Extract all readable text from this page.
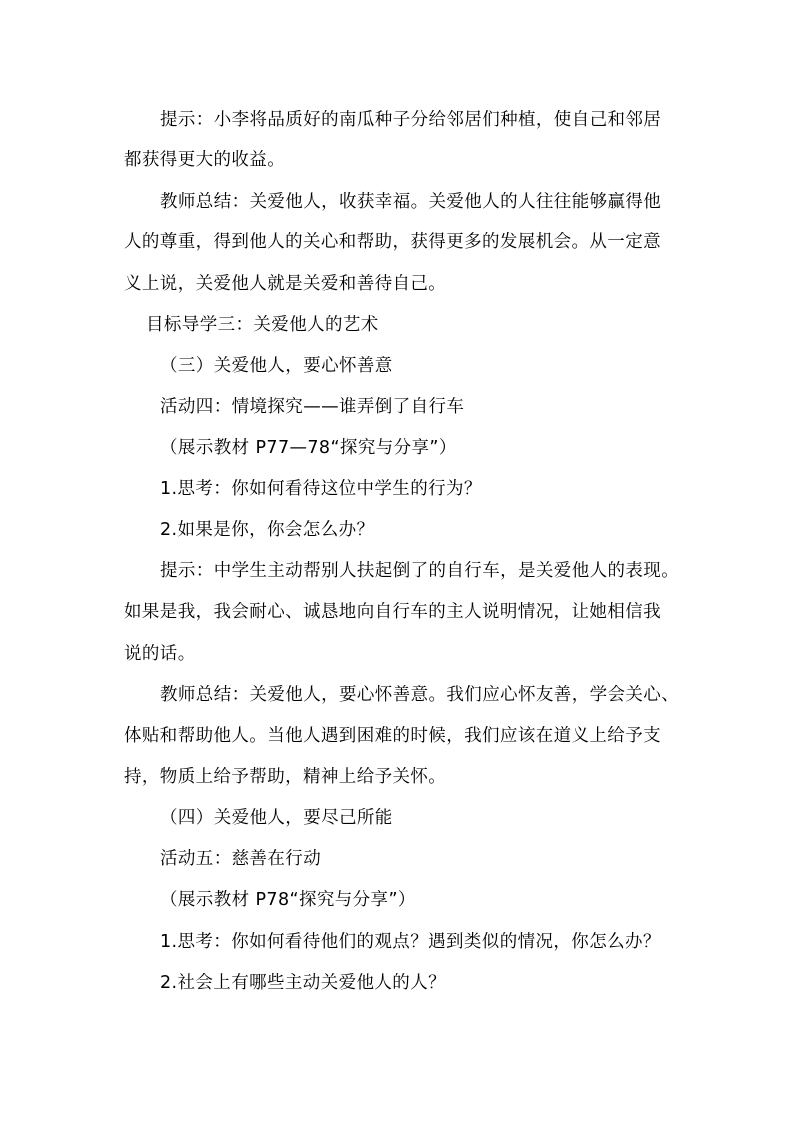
提示：小李将品质好的南瓜种子分给邻居们种植，使自己和邻居
都获得更大的收益。
教师总结：关爱他人，收获幸福。关爱他人的人往往能够赢得他
人的尊重，得到他人的关心和帮助，获得更多的发展机会。从一定意
义上说，关爱他人就是关爱和善待自己。
目标导学三：关爱他人的艺术
（三）关爱他人，要心怀善意
活动四：情境探究——谁弄倒了自行车
（展示教材 P77—78“探究与分享”）
1.思考：你如何看待这位中学生的行为？
2.如果是你，你会怎么办？
提示：中学生主动帮别人扶起倒了的自行车，是关爱他人的表现。
如果是我，我会耐心、诚恳地向自行车的主人说明情况，让她相信我
说的话。
教师总结：关爱他人，要心怀善意。我们应心怀友善，学会关心、
体贴和帮助他人。当他人遇到困难的时候，我们应该在道义上给予支
持，物质上给予帮助，精神上给予关怀。
（四）关爱他人，要尽己所能
活动五：慈善在行动
（展示教材 P78“探究与分享”）
1.思考：你如何看待他们的观点？遇到类似的情况，你怎么办？
2.社会上有哪些主动关爱他人的人？
